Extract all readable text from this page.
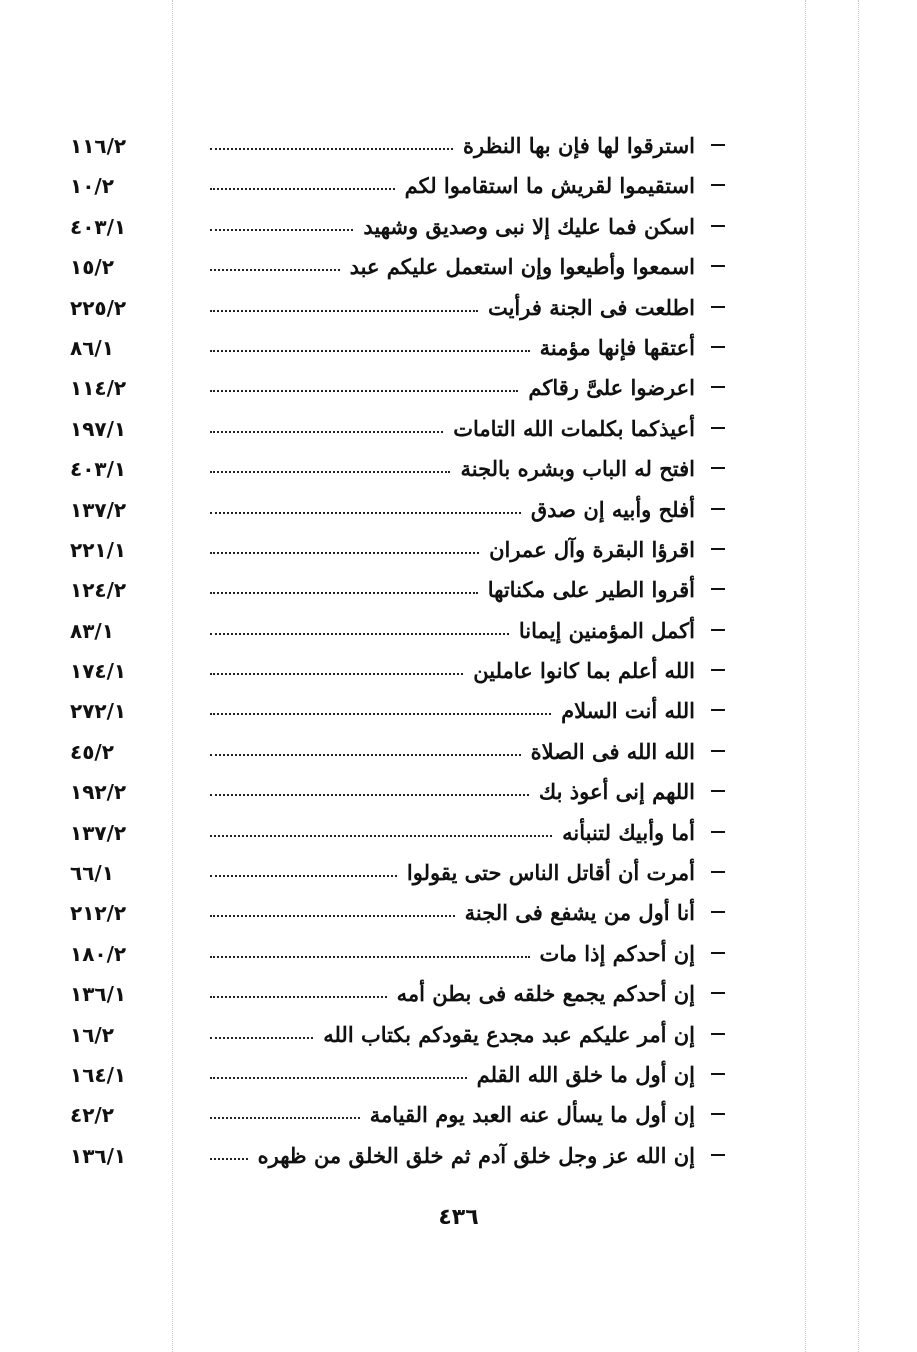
استرقوا لها فإن بها النظرة
١١٦/٢
استقيموا لقريش ما استقاموا لكم
١٠/٢
اسكن فما عليك إلا نبى وصديق وشهيد
٤٠٣/١
اسمعوا وأطيعوا وإن استعمل عليكم عبد
١٥/٢
اطلعت فى الجنة فرأيت
٢٢٥/٢
أعتقها فإنها مؤمنة
٨٦/١
اعرضوا علىَّ رقاكم
١١٤/٢
أعيذكما بكلمات الله التامات
١٩٧/١
افتح له الباب وبشره بالجنة
٤٠٣/١
أفلح وأبيه إن صدق
١٣٧/٢
اقرؤا البقرة وآل عمران
٢٢١/١
أقروا الطير على مكناتها
١٢٤/٢
أكمل المؤمنين إيمانا
٨٣/١
الله أعلم بما كانوا عاملين
١٧٤/١
الله أنت السلام
٢٧٢/١
الله الله فى الصلاة
٤٥/٢
اللهم إنى أعوذ بك
١٩٢/٢
أما وأبيك لتنبأنه
١٣٧/٢
أمرت أن أقاتل الناس حتى يقولوا
٦٦/١
أنا أول من يشفع فى الجنة
٢١٢/٢
إن أحدكم إذا مات
١٨٠/٢
إن أحدكم يجمع خلقه فى بطن أمه
١٣٦/١
إن أمر عليكم عبد مجدع يقودكم بكتاب الله
١٦/٢
إن أول ما خلق الله القلم
١٦٤/١
إن أول ما يسأل عنه العبد يوم القيامة
٤٢/٢
إن الله عز وجل خلق آدم ثم خلق الخلق من ظهره
١٣٦/١
٤٣٦
